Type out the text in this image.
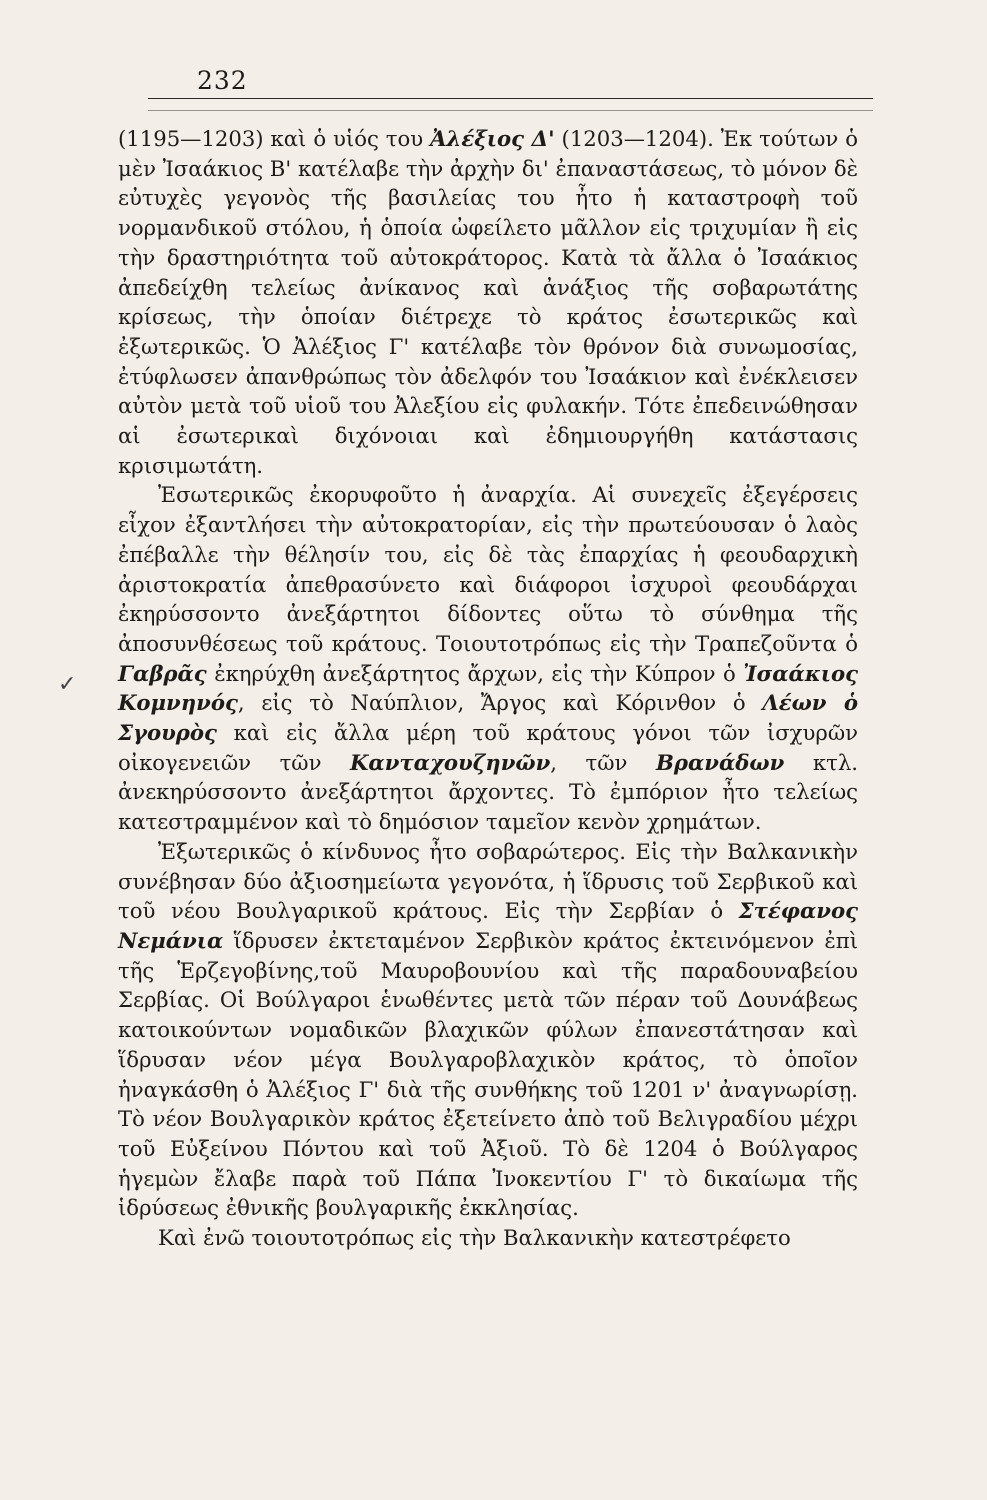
232
✓

(1195—1203) καὶ ὁ υἱός του Ἀλέξιος Δ' (1203—1204). Ἐκ τούτων ὁ μὲν Ἰσαάκιος Β' κατέλαβε τὴν ἀρχὴν δι' ἐπαναστάσεως, τὸ μόνον δὲ εὐτυχὲς γεγονὸς τῆς βασιλείας του ἦτο ἡ καταστροφὴ τοῦ νορμανδικοῦ στόλου, ἡ ὁποία ὠφείλετο μᾶλλον εἰς τριχυμίαν ἢ εἰς τὴν δραστηριότητα τοῦ αὐτοκράτορος. Κατὰ τὰ ἄλλα ὁ Ἰσαάκιος ἀπεδείχθη τελείως ἀνίκανος καὶ ἀνάξιος τῆς σοβαρωτάτης κρίσεως, τὴν ὁποίαν διέτρεχε τὸ κράτος ἐσωτερικῶς καὶ ἐξωτερικῶς. Ὁ Ἀλέξιος Γ' κατέλαβε τὸν θρόνον διὰ συνωμοσίας, ἐτύφλωσεν ἀπανθρώπως τὸν ἀδελφόν του Ἰσαάκιον καὶ ἐνέκλεισεν αὐτὸν μετὰ τοῦ υἱοῦ του Ἀλεξίου εἰς φυλακήν. Τότε ἐπεδεινώθησαν αἱ ἐσωτερικαὶ διχόνοιαι καὶ ἐδημιουργήθη κατάστασις κρισιμωτάτη.

Ἐσωτερικῶς ἐκορυφοῦτο ἡ ἀναρχία. Αἱ συνεχεῖς ἐξεγέρσεις εἶχον ἐξαντλήσει τὴν αὐτοκρατορίαν, εἰς τὴν πρωτεύουσαν ὁ λαὸς ἐπέβαλλε τὴν θέλησίν του, εἰς δὲ τὰς ἐπαρχίας ἡ φεουδαρχικὴ ἀριστοκρατία ἀπεθρασύνετο καὶ διάφοροι ἰσχυροὶ φεουδάρχαι ἐκηρύσσοντο ἀνεξάρτητοι δίδοντες οὕτω τὸ σύνθημα τῆς ἀποσυνθέσεως τοῦ κράτους. Τοιουτοτρόπως εἰς τὴν Τραπεζοῦντα ὁ Γαβρᾶς ἐκηρύχθη ἀνεξάρτητος ἄρχων, εἰς τὴν Κύπρον ὁ Ἰσαάκιος Κομνηνός, εἰς τὸ Ναύπλιον, Ἄργος καὶ Κόρινθον ὁ Λέων ὁ Σγουρὸς καὶ εἰς ἄλλα μέρη τοῦ κράτους γόνοι τῶν ἰσχυρῶν οἰκογενειῶν τῶν Κανταχουζηνῶν, τῶν Βρανάδων κτλ. ἀνεκηρύσσοντο ἀνεξάρτητοι ἄρχοντες. Τὸ ἐμπόριον ἦτο τελείως κατεστραμμένον καὶ τὸ δημόσιον ταμεῖον κενὸν χρημάτων.

Ἐξωτερικῶς ὁ κίνδυνος ἦτο σοβαρώτερος. Εἰς τὴν Βαλκανικὴν συνέβησαν δύο ἀξιοσημείωτα γεγονότα, ἡ ἵδρυσις τοῦ Σερβικοῦ καὶ τοῦ νέου Βουλγαρικοῦ κράτους. Εἰς τὴν Σερβίαν ὁ Στέφανος Νεμάνια ἵδρυσεν ἐκτεταμένον Σερβικὸν κράτος ἐκτεινόμενον ἐπὶ τῆς Ἑρζεγοβίνης,τοῦ Μαυροβουνίου καὶ τῆς παραδουναβείου Σερβίας. Οἱ Βούλγαροι ἑνωθέντες μετὰ τῶν πέραν τοῦ Δουνάβεως κατοικούντων νομαδικῶν βλαχικῶν φύλων ἐπανεστάτησαν καὶ ἵδρυσαν νέον μέγα Βουλγαροβλαχικὸν κράτος, τὸ ὁποῖον ἠναγκάσθη ὁ Ἀλέξιος Γ' διὰ τῆς συνθήκης τοῦ 1201 ν' ἀναγνωρίσῃ. Τὸ νέον Βουλγαρικὸν κράτος ἐξετείνετο ἀπὸ τοῦ Βελιγραδίου μέχρι τοῦ Εὐξείνου Πόντου καὶ τοῦ Ἀξιοῦ. Τὸ δὲ 1204 ὁ Βούλγαρος ἡγεμὼν ἔλαβε παρὰ τοῦ Πάπα Ἰνοκεντίου Γ' τὸ δικαίωμα τῆς ἱδρύσεως ἐθνικῆς βουλγαρικῆς ἐκκλησίας.

Καὶ ἐνῶ τοιουτοτρόπως εἰς τὴν Βαλκανικὴν κατεστρέφετο
